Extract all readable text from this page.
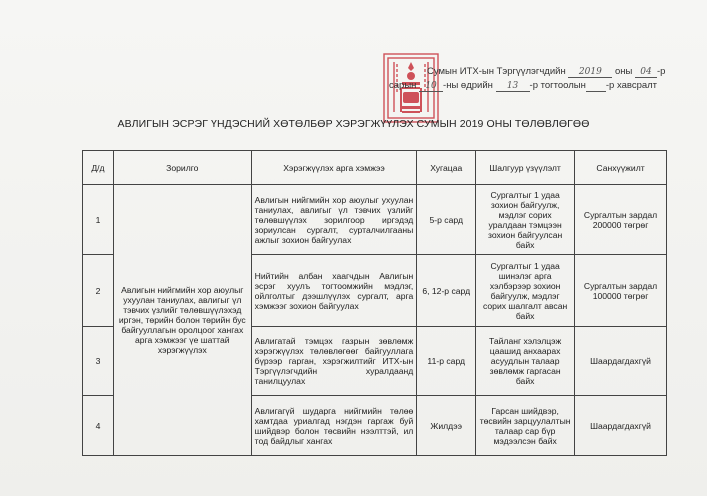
Сумын ИТХ-ын Тэргүүлэгчдийн 2019 оны 04 -р
сарын 10 -ны өдрийн 13 -р тогтоолын -р хавсралт
АВЛИГЫН ЭСРЭГ ҮНДЭСНИЙ ХӨТӨЛБӨР ХЭРЭГЖҮҮЛЭХ СУМЫН 2019 ОНЫ ТӨЛӨВЛӨГӨӨ
Д/д	Зорилго	Хэрэгжүүлэх арга хэмжээ	Хугацаа	Шалгуур үзүүлэлт	Санхүүжилт
1	Авлигын нийгмийн хор аюулыг ухуулан таниулах, авлигыг үл тэвчих үзлийг төлөвшүүлэхэд иргэн, төрийн болон төрийн бус байгууллагын оролцоог хангах арга хэмжээг үе шаттай хэрэгжүүлэх	Авлигын нийгмийн хор аюулыг ухуулан таниулах, авлигыг үл тэвчих үзлийг төлөвшүүлэх зорилгоор иргэдэд зориулсан сургалт, сурталчилгааны ажлыг зохион байгуулах	5-р сард	Сургалтыг 1 удаа зохион байгуулж, мэдлэг сорих уралдаан тэмцээн зохион байгуулсан байх	Сургалтын зардал 200000 төгрөг
2		Нийтийн албан хаагчдын Авлигын эсрэг хуулъ тогтоомжийн мэдлэг, ойлголтыг дээшлүүлэх сургалт, арга хэмжээг зохион байгуулах	6, 12-р сард	Сургалтыг 1 удаа шинэлэг арга хэлбэрээр зохион байгуулж, мэдлэг сорих шалгалт авсан байх	Сургалтын зардал 100000 төгрөг
3		Авлигатай тэмцэх газрын зөвлөмж хэрэгжүүлэх төлөвлөгөөг байгууллага бүрээр гарган, хэрэгжилтийг ИТХ-ын Тэргүүлэгчдийн хуралдаанд танилцуулах	11-р сард	Тайланг хэлэлцэж цаашид анхаарах асуудлын талаар зөвлөмж гаргасан байх	Шаардагдахгүй
4		Авлигагүй шударга нийгмийн төлөө хамтдаа уриалгад нэгдэн гаргаж буй шийдвэр болон төсвийн нээлттэй, ил тод байдлыг хангах	Жилдээ	Гарсан шийдвэр, төсвийн зарцуулалтын талаар сар бүр мэдээлсэн байх	Шаардагдахгүй
